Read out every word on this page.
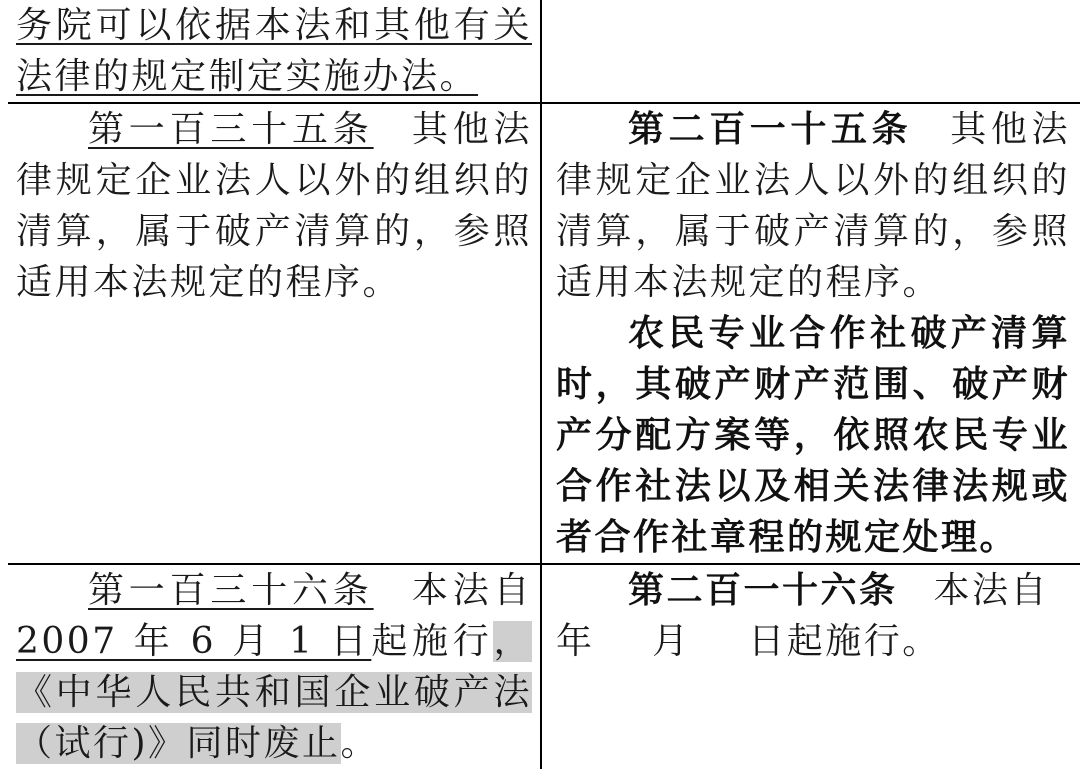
务院可以依据本法和其他有关法律的规定制定实施办法。	

第一百三十五条 其他法律规定企业法人以外的组织的清算，属于破产清算的，参照适用本法规定的程序。	第二百一十五条 其他法律规定企业法人以外的组织的清算，属于破产清算的，参照适用本法规定的程序。

农民专业合作社破产清算时，其破产财产范围、破产财产分配方案等，依照农民专业合作社法以及相关法律法规或者合作社章程的规定处理。

第一百三十六条 本法自2007 年 6 月 1 日起施行，《中华人民共和国企业破产法（试行)》同时废止。	第二百一十六条 本法自
年 月 日起施行。
